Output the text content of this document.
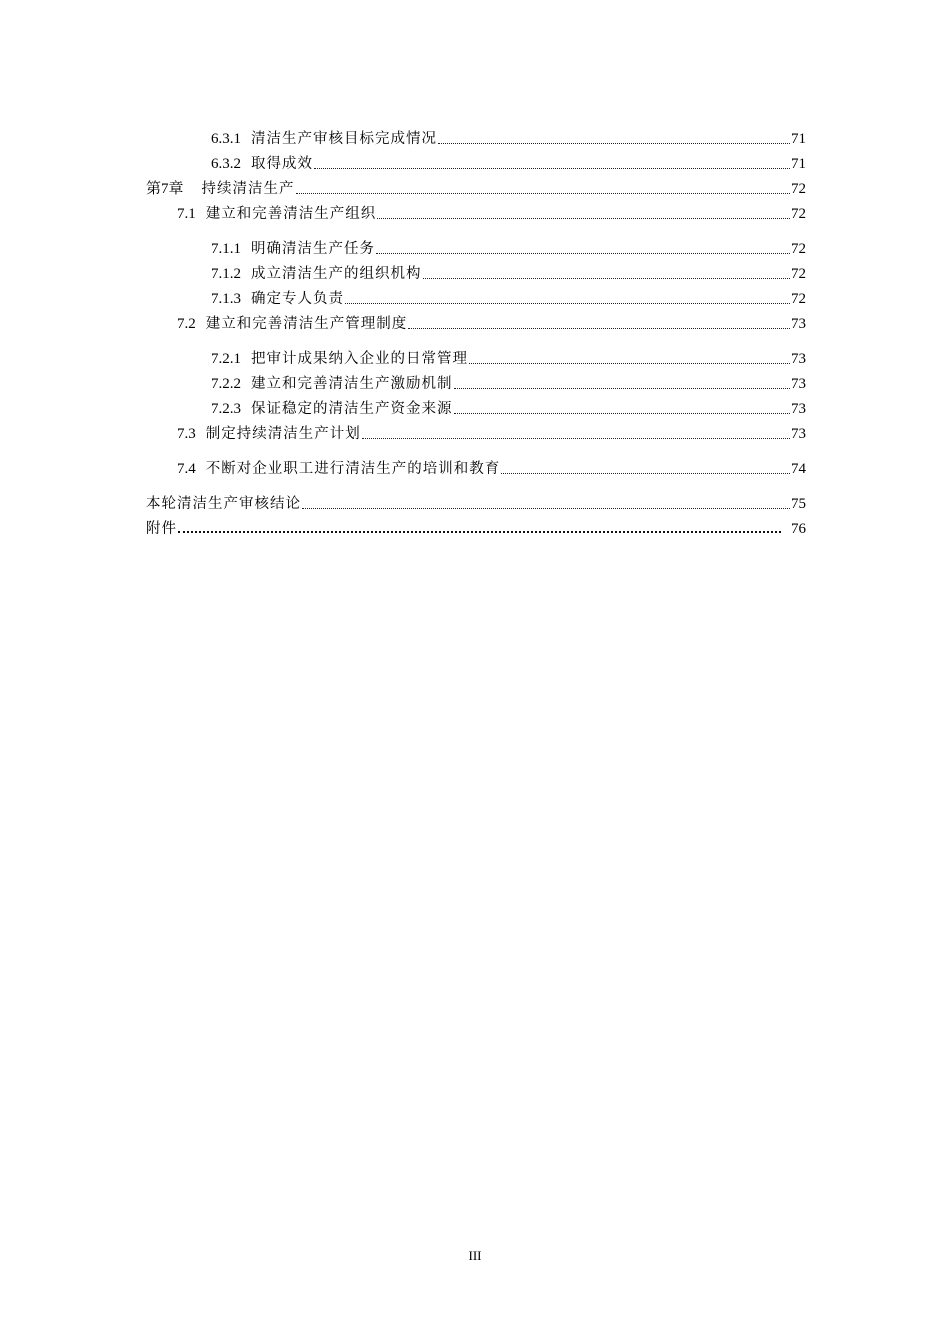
6.3.1 清洁生产审核目标完成情况	71
6.3.2 取得成效	71
第7章 持续清洁生产	72
7.1 建立和完善清洁生产组织	72
7.1.1 明确清洁生产任务	72
7.1.2 成立清洁生产的组织机构	72
7.1.3 确定专人负责	72
7.2 建立和完善清洁生产管理制度	73
7.2.1 把审计成果纳入企业的日常管理	73
7.2.2 建立和完善清洁生产激励机制	73
7.2.3 保证稳定的清洁生产资金来源	73
7.3 制定持续清洁生产计划	73
7.4 不断对企业职工进行清洁生产的培训和教育	74
本轮清洁生产审核结论	75
附件	76
III
